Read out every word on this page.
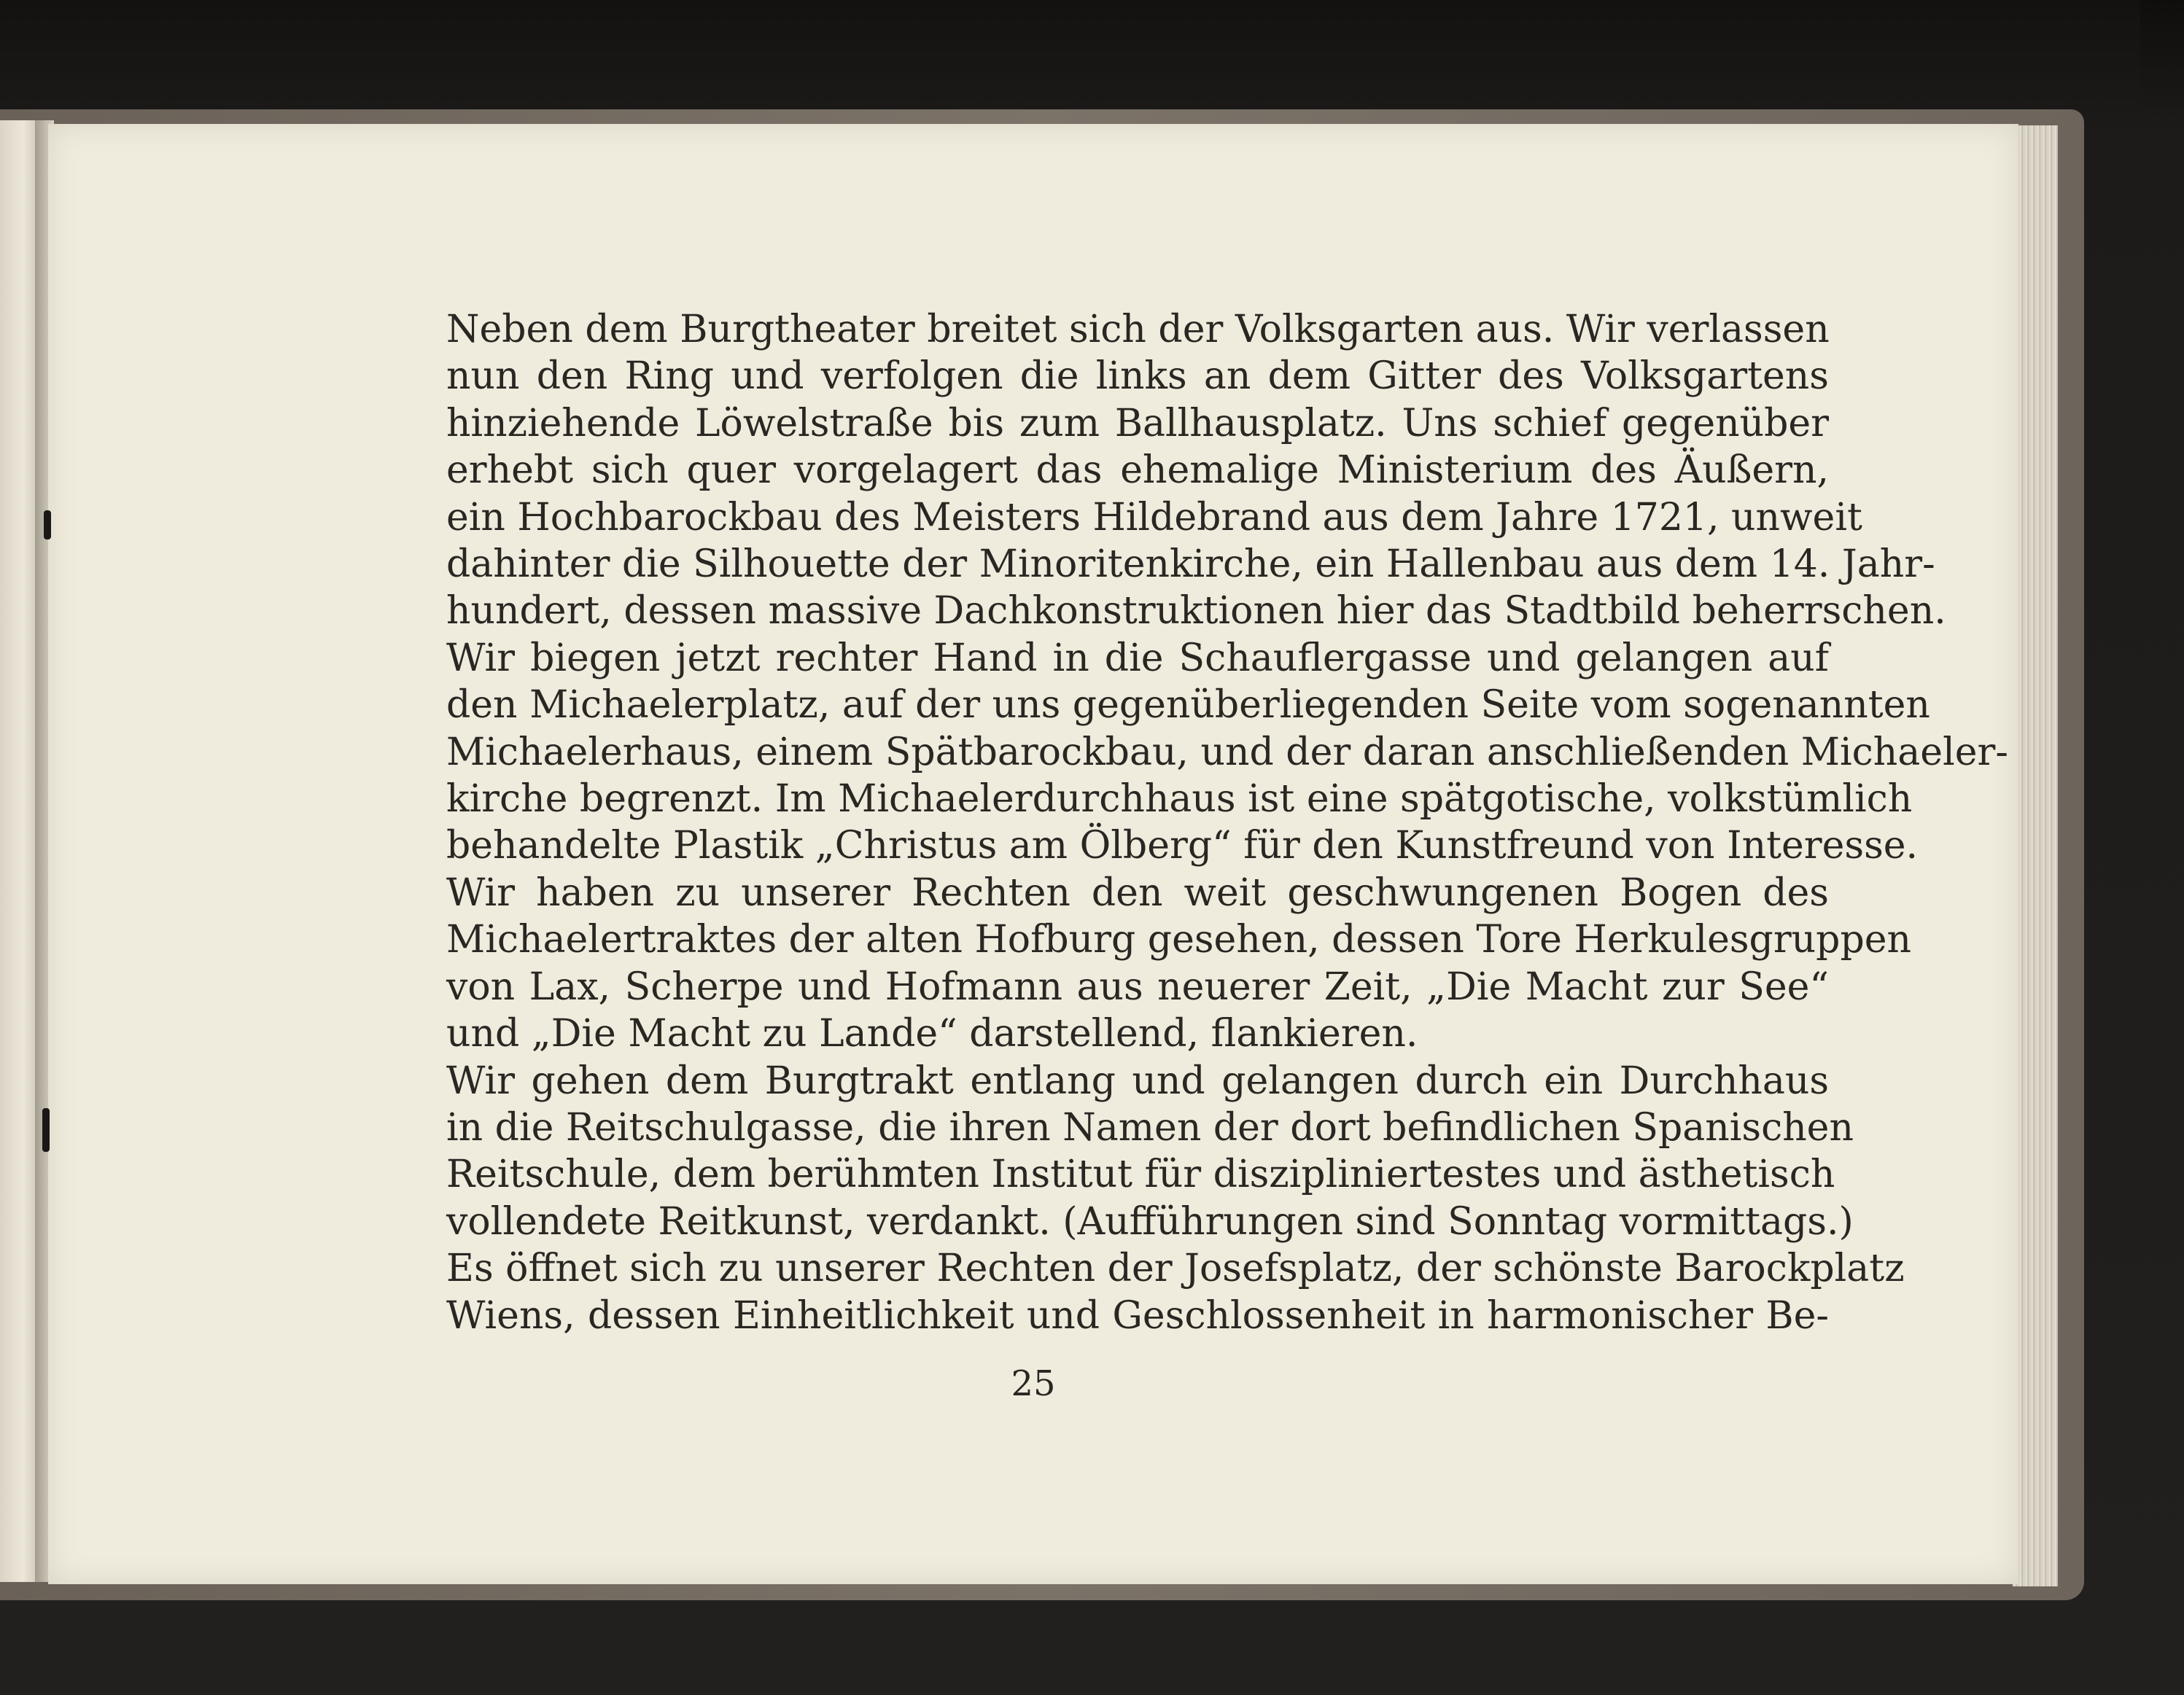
Neben dem Burgtheater breitet sich der Volksgarten aus. Wir verlassen
nun den Ring und verfolgen die links an dem Gitter des Volksgartens
hinziehende Löwelstraße bis zum Ballhausplatz. Uns schief gegenüber
erhebt sich quer vorgelagert das ehemalige Ministerium des Äußern,
ein Hochbarockbau des Meisters Hildebrand aus dem Jahre 1721, unweit
dahinter die Silhouette der Minoritenkirche, ein Hallenbau aus dem 14. Jahr-
hundert, dessen massive Dachkonstruktionen hier das Stadtbild beherrschen.

Wir biegen jetzt rechter Hand in die Schauflergasse und gelangen auf
den Michaelerplatz, auf der uns gegenüberliegenden Seite vom sogenannten
Michaelerhaus, einem Spätbarockbau, und der daran anschließenden Michaeler-
kirche begrenzt. Im Michaelerdurchhaus ist eine spätgotische, volkstümlich
behandelte Plastik „Christus am Ölberg“ für den Kunstfreund von Interesse.

Wir haben zu unserer Rechten den weit geschwungenen Bogen des
Michaelertraktes der alten Hofburg gesehen, dessen Tore Herkulesgruppen
von Lax, Scherpe und Hofmann aus neuerer Zeit, „Die Macht zur See“
und „Die Macht zu Lande“ darstellend, flankieren.

Wir gehen dem Burgtrakt entlang und gelangen durch ein Durchhaus
in die Reitschulgasse, die ihren Namen der dort befindlichen Spanischen
Reitschule, dem berühmten Institut für diszipliniertestes und ästhetisch
vollendete Reitkunst, verdankt. (Aufführungen sind Sonntag vormittags.)
Es öffnet sich zu unserer Rechten der Josefsplatz, der schönste Barockplatz
Wiens, dessen Einheitlichkeit und Geschlossenheit in harmonischer Be-

25
